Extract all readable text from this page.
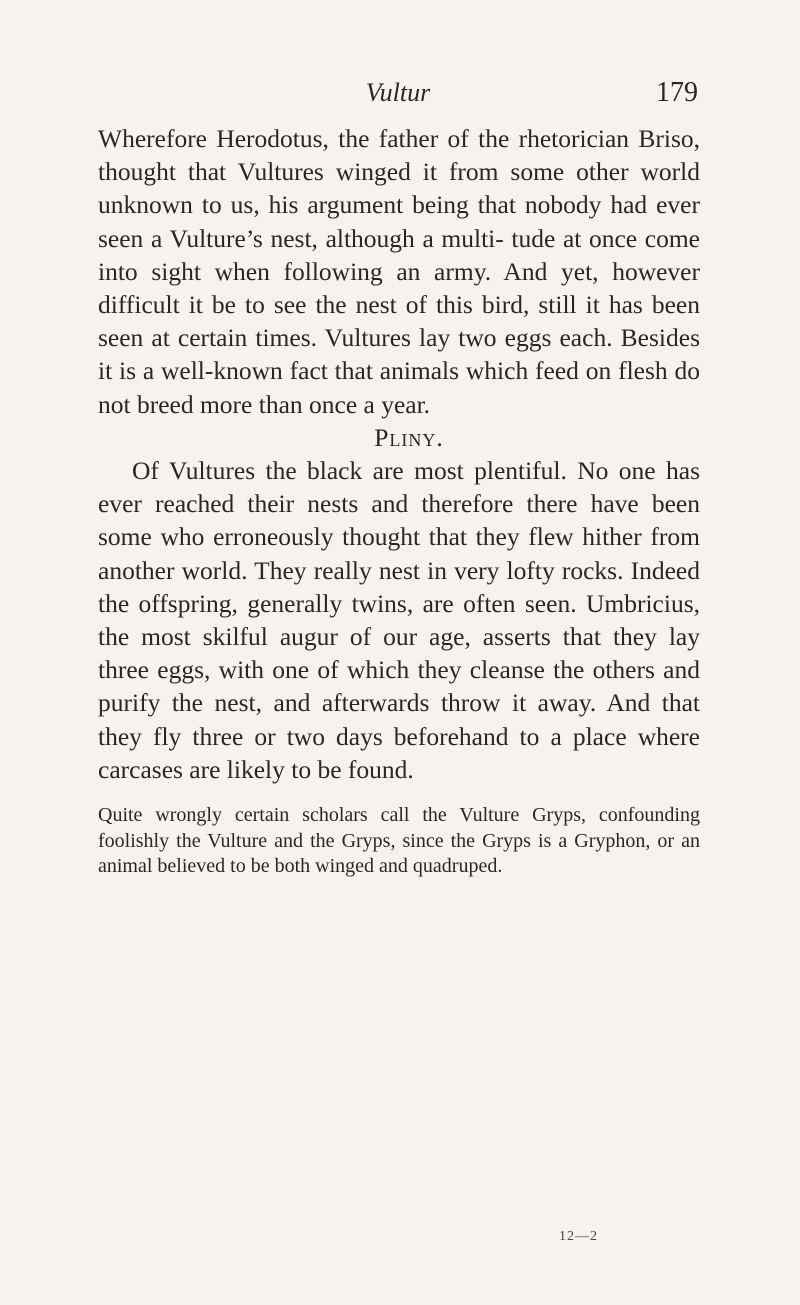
Vultur	179

Wherefore Herodotus, the father of the rhetorician Briso, thought that Vultures winged it from some other world unknown to us, his argument being that nobody had ever seen a Vulture’s nest, although a multi- tude at once come into sight when following an army. And yet, however difficult it be to see the nest of this bird, still it has been seen at certain times. Vultures lay two eggs each. Besides it is a well-known fact that animals which feed on flesh do not breed more than once a year.

Pliny.

Of Vultures the black are most plentiful. No one has ever reached their nests and therefore there have been some who erroneously thought that they flew hither from another world. They really nest in very lofty rocks. Indeed the offspring, generally twins, are often seen. Umbricius, the most skilful augur of our age, asserts that they lay three eggs, with one of which they cleanse the others and purify the nest, and afterwards throw it away. And that they fly three or two days beforehand to a place where carcases are likely to be found.

Quite wrongly certain scholars call the Vulture Gryps, confounding foolishly the Vulture and the Gryps, since the Gryps is a Gryphon, or an animal believed to be both winged and quadruped.

12—2
